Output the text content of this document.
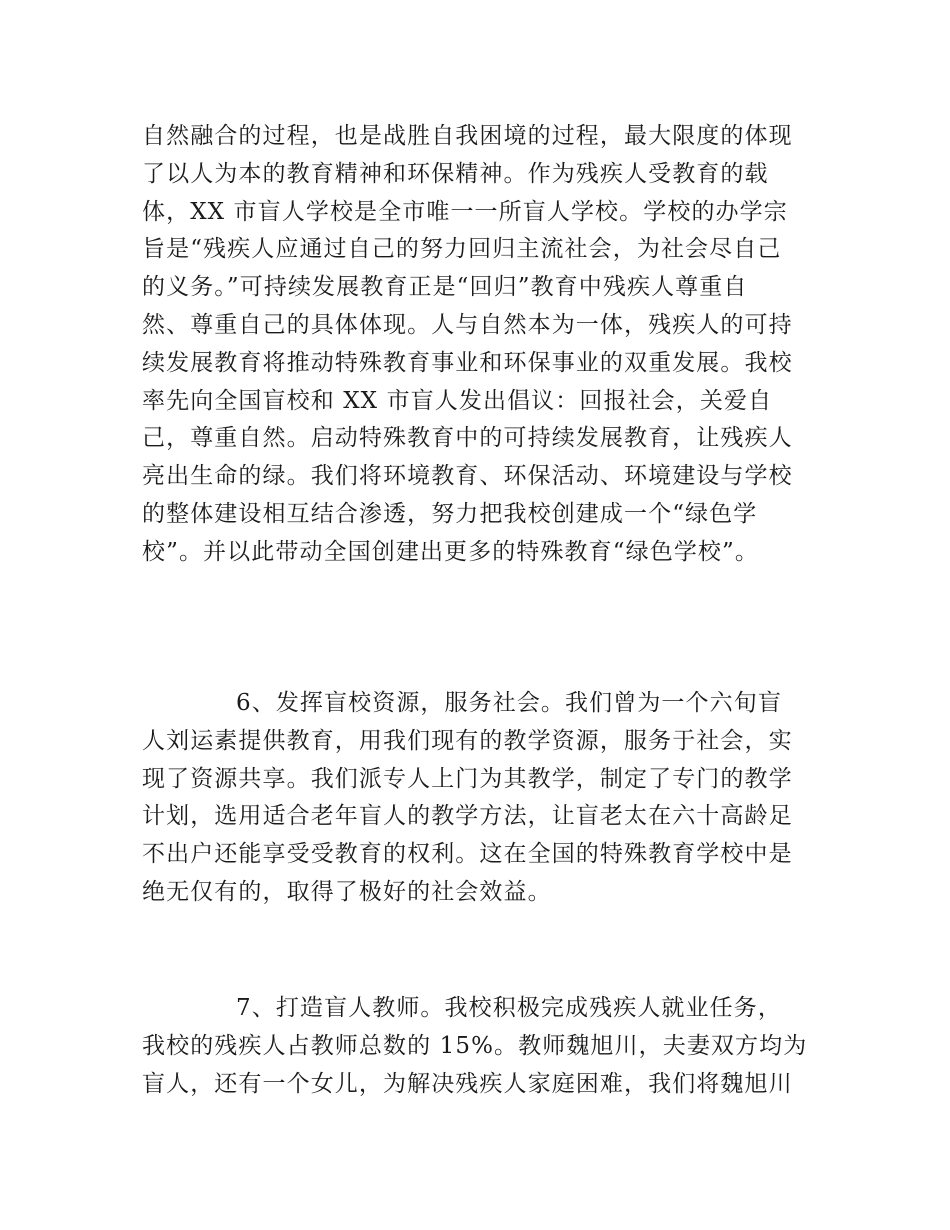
自然融合的过程，也是战胜自我困境的过程，最大限度的体现
了以人为本的教育精神和环保精神。作为残疾人受教育的载
体，XX 市盲人学校是全市唯一一所盲人学校。学校的办学宗
旨是“残疾人应通过自己的努力回归主流社会，为社会尽自己
的义务。”可持续发展教育正是“回归”教育中残疾人尊重自
然、尊重自己的具体体现。人与自然本为一体，残疾人的可持
续发展教育将推动特殊教育事业和环保事业的双重发展。我校
率先向全国盲校和 XX 市盲人发出倡议：回报社会，关爱自
己，尊重自然。启动特殊教育中的可持续发展教育，让残疾人
亮出生命的绿。我们将环境教育、环保活动、环境建设与学校
的整体建设相互结合渗透，努力把我校创建成一个“绿色学
校”。并以此带动全国创建出更多的特殊教育“绿色学校”。
6、发挥盲校资源，服务社会。我们曾为一个六旬盲
人刘运素提供教育，用我们现有的教学资源，服务于社会，实
现了资源共享。我们派专人上门为其教学，制定了专门的教学
计划，选用适合老年盲人的教学方法，让盲老太在六十高龄足
不出户还能享受受教育的权利。这在全国的特殊教育学校中是
绝无仅有的，取得了极好的社会效益。
7、打造盲人教师。我校积极完成残疾人就业任务，
我校的残疾人占教师总数的 15%。教师魏旭川，夫妻双方均为
盲人，还有一个女儿，为解决残疾人家庭困难，我们将魏旭川
